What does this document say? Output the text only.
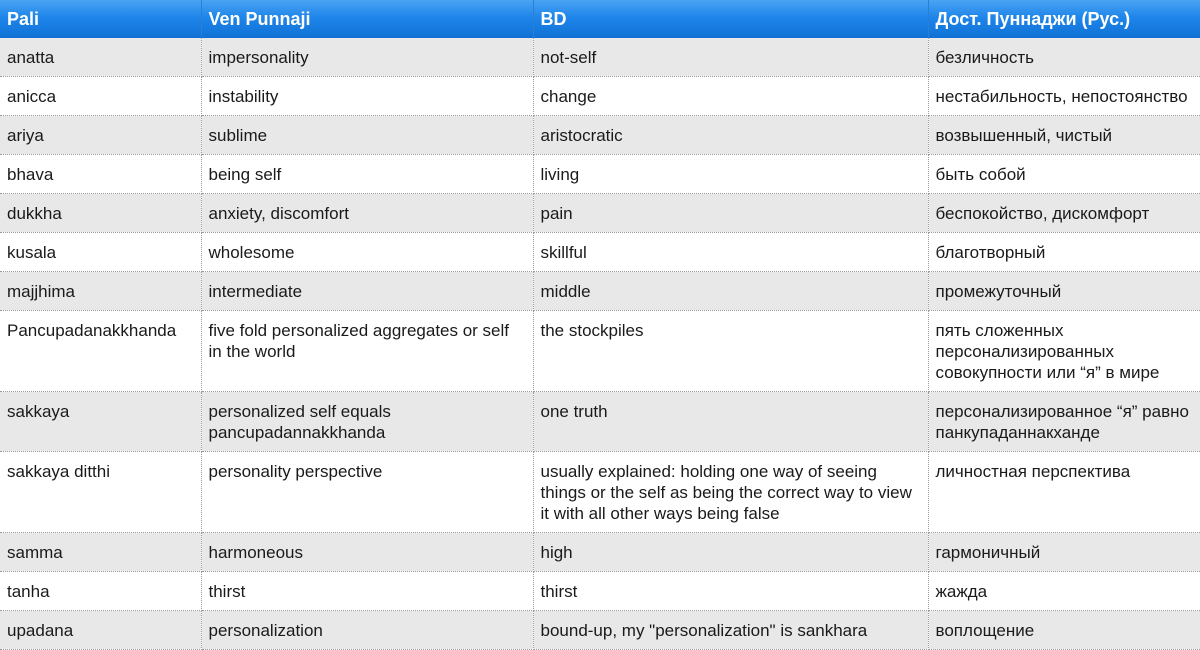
Pali	Ven Punnaji	BD	Дост. Пуннаджи (Рус.)
anatta	impersonality	not-self	безличность
anicca	instability	change	нестабильность, непостоянство
ariya	sublime	aristocratic	возвышенный, чистый
bhava	being self	living	быть собой
dukkha	anxiety, discomfort	pain	беспокойство, дискомфорт
kusala	wholesome	skillful	благотворный
majjhima	intermediate	middle	промежуточный
Pancupadanakkhanda	five fold personalized aggregates or self in the world	the stockpiles	пять сложенных персонализированных совокупности или “я” в мире
sakkaya	personalized self equals pancupadannakkhanda	one truth	персонализированное “я” равно панкупаданнакханде
sakkaya ditthi	personality perspective	usually explained: holding one way of seeing things or the self as being the correct way to view it with all other ways being false	личностная перспектива
samma	harmoneous	high	гармоничный
tanha	thirst	thirst	жажда
upadana	personalization	bound-up, my "personalization" is sankhara	воплощение
